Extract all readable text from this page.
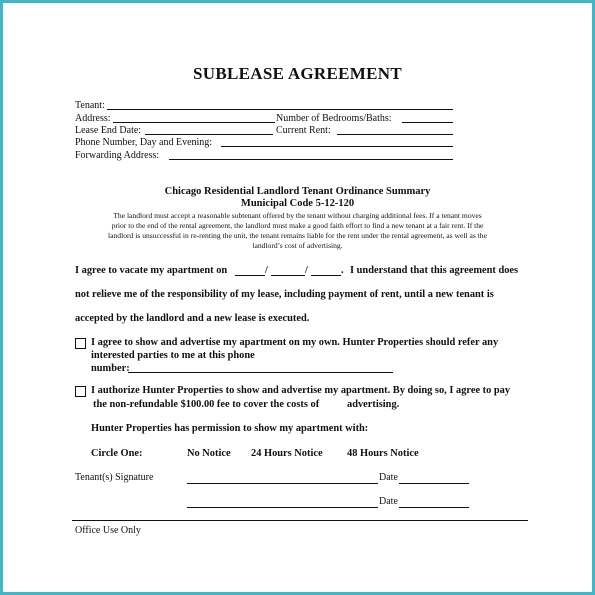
SUBLEASE AGREEMENT
Tenant:
Address:	Number of Bedrooms/Baths:
Lease End Date:	Current Rent:
Phone Number, Day and Evening:
Forwarding Address:
Chicago Residential Landlord Tenant Ordinance Summary
Municipal Code 5-12-120
The landlord must accept a reasonable subtenant offered by the tenant without charging additional fees. If a tenant moves
prior to the end of the rental agreement, the landlord must make a good faith effort to find a new tenant at a fair rent. If the
landlord is unsuccessful in re-renting the unit, the tenant remains liable for the rent under the rental agreement, as well as the
landlord’s cost of advertising.
I agree to vacate my apartment on	/	/	. I understand that this agreement does
not relieve me of the responsibility of my lease, including payment of rent, until a new tenant is
accepted by the landlord and a new lease is executed.
I agree to show and advertise my apartment on my own. Hunter Properties should refer any
interested parties to me at this phone
number:
I authorize Hunter Properties to show and advertise my apartment. By doing so, I agree to pay
the non-refundable $100.00 fee to cover the costs of	advertising.
Hunter Properties has permission to show my apartment with:
Circle One:	No Notice 24 Hours Notice 48 Hours Notice
Tenant(s) Signature	Date
Date
Office Use Only
